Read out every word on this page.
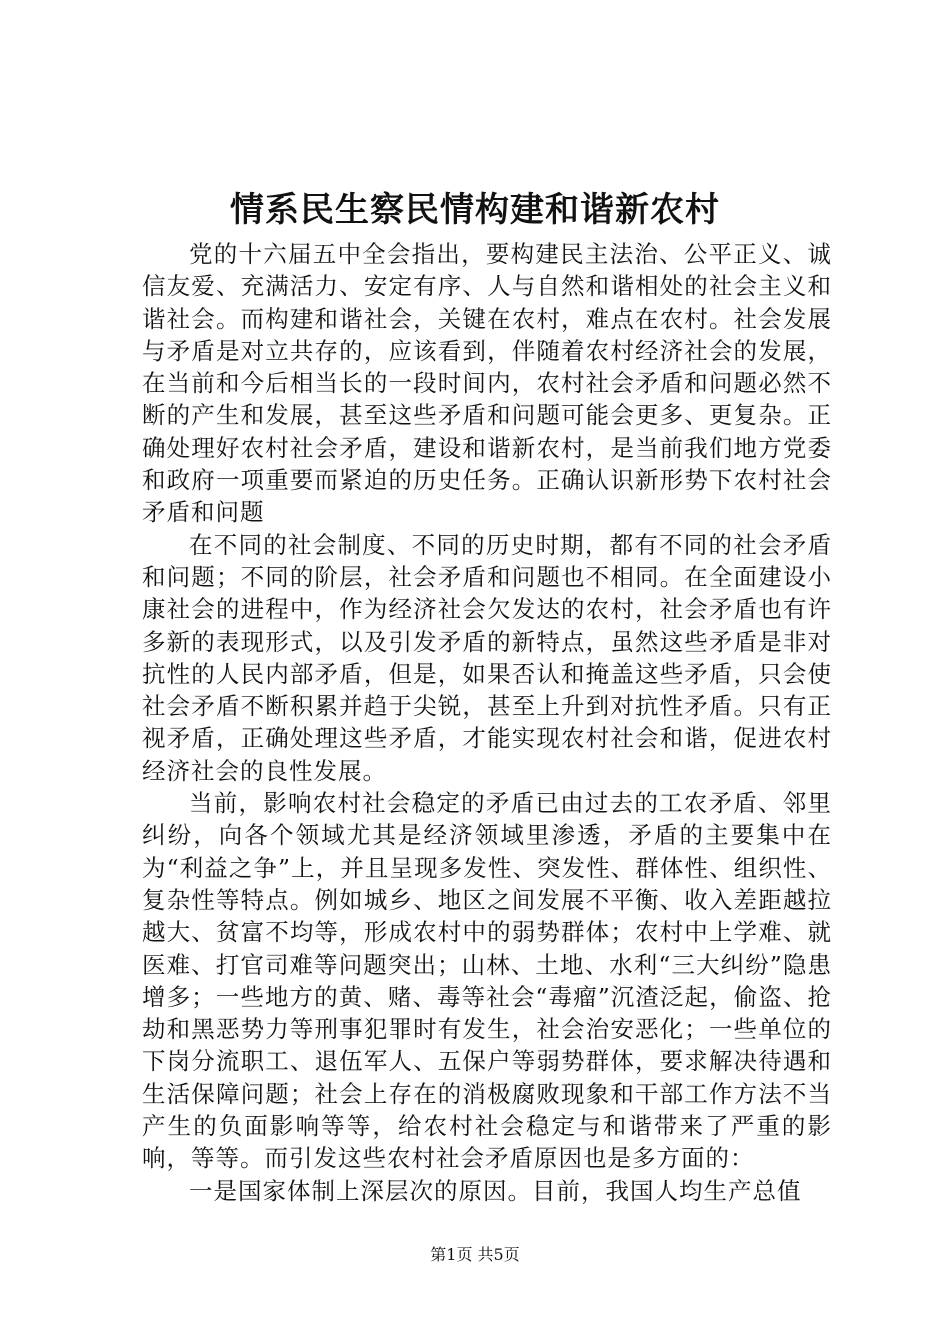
情系民生察民情构建和谐新农村

党的十六届五中全会指出，要构建民主法治、公平正义、诚信友爱、充满活力、安定有序、人与自然和谐相处的社会主义和谐社会。而构建和谐社会，关键在农村，难点在农村。社会发展与矛盾是对立共存的，应该看到，伴随着农村经济社会的发展，在当前和今后相当长的一段时间内，农村社会矛盾和问题必然不断的产生和发展，甚至这些矛盾和问题可能会更多、更复杂。正确处理好农村社会矛盾，建设和谐新农村，是当前我们地方党委和政府一项重要而紧迫的历史任务。正确认识新形势下农村社会矛盾和问题

在不同的社会制度、不同的历史时期，都有不同的社会矛盾和问题；不同的阶层，社会矛盾和问题也不相同。在全面建设小康社会的进程中，作为经济社会欠发达的农村，社会矛盾也有许多新的表现形式，以及引发矛盾的新特点，虽然这些矛盾是非对抗性的人民内部矛盾，但是，如果否认和掩盖这些矛盾，只会使社会矛盾不断积累并趋于尖锐，甚至上升到对抗性矛盾。只有正视矛盾，正确处理这些矛盾，才能实现农村社会和谐，促进农村经济社会的良性发展。

当前，影响农村社会稳定的矛盾已由过去的工农矛盾、邻里纠纷，向各个领域尤其是经济领域里渗透，矛盾的主要集中在为“利益之争”上，并且呈现多发性、突发性、群体性、组织性、复杂性等特点。例如城乡、地区之间发展不平衡、收入差距越拉越大、贫富不均等，形成农村中的弱势群体；农村中上学难、就医难、打官司难等问题突出；山林、土地、水利“三大纠纷”隐患增多；一些地方的黄、赌、毒等社会“毒瘤”沉渣泛起，偷盗、抢劫和黑恶势力等刑事犯罪时有发生，社会治安恶化；一些单位的下岗分流职工、退伍军人、五保户等弱势群体，要求解决待遇和生活保障问题；社会上存在的消极腐败现象和干部工作方法不当产生的负面影响等等，给农村社会稳定与和谐带来了严重的影响，等等。而引发这些农村社会矛盾原因也是多方面的：

一是国家体制上深层次的原因。目前，我国人均生产总值

第1页 共5页
